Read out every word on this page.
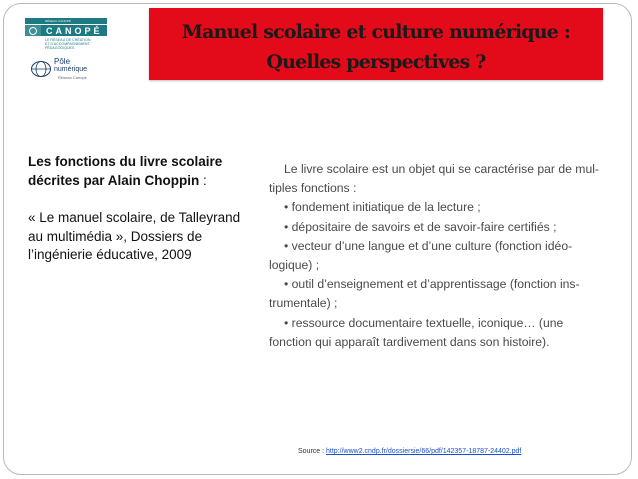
RÉSEAU CANOPÉ
CANOPÉ
LE RÉSEAU DE CRÉATION
ET D'ACCOMPAGNEMENT PÉDAGOGIQUES
Pôle
numérique
Réseau Canopé
Manuel scolaire et culture numérique :
Quelles perspectives ?
Les fonctions du livre scolaire décrites par Alain Choppin :
« Le manuel scolaire, de Talleyrand au multimédia », Dossiers de l’ingénierie éducative, 2009
Le livre scolaire est un objet qui se caractérise par de mul-
tiples fonctions :
• fondement initiatique de la lecture ;
• dépositaire de savoirs et de savoir-faire certifiés ;
• vecteur d’une langue et d’une culture (fonction idéo-
logique) ;
• outil d’enseignement et d’apprentissage (fonction ins-
trumentale) ;
• ressource documentaire textuelle, iconique… (une
fonction qui apparaît tardivement dans son histoire).
Source : http://www2.cndp.fr/dossiersie/66/pdf/142357-18787-24402.pdf
